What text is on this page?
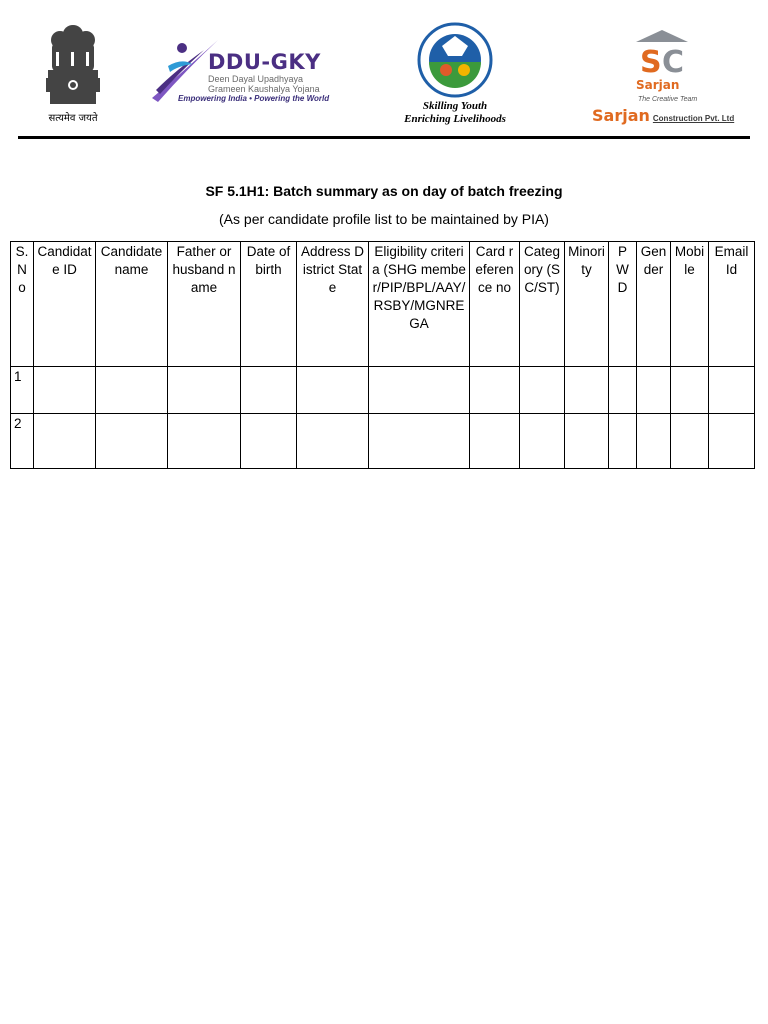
सत्यमेव जयते
DDU-GKY
Deen Dayal Upadhyaya
Grameen Kaushalya Yojana
Empowering India • Powering the World
Skilling Youth
Enriching Livelihoods
S C
Sarjan
The Creative Team
Sarjan Construction Pvt. Ltd
SF 5.1H1: Batch summary as on day of batch freezing
(As per candidate profile list to be maintained by PIA)
S.No	Candidate ID	Candidate name	Father or husband name	Date of birth	Address District State	Eligibility criteria (SHG member/PIP/BPL/AAY/RSBY/MGNREGA	Card reference no	Category (SC/ST)	Minority	PWD	Gender	Mobile	Email Id
1													
2													
